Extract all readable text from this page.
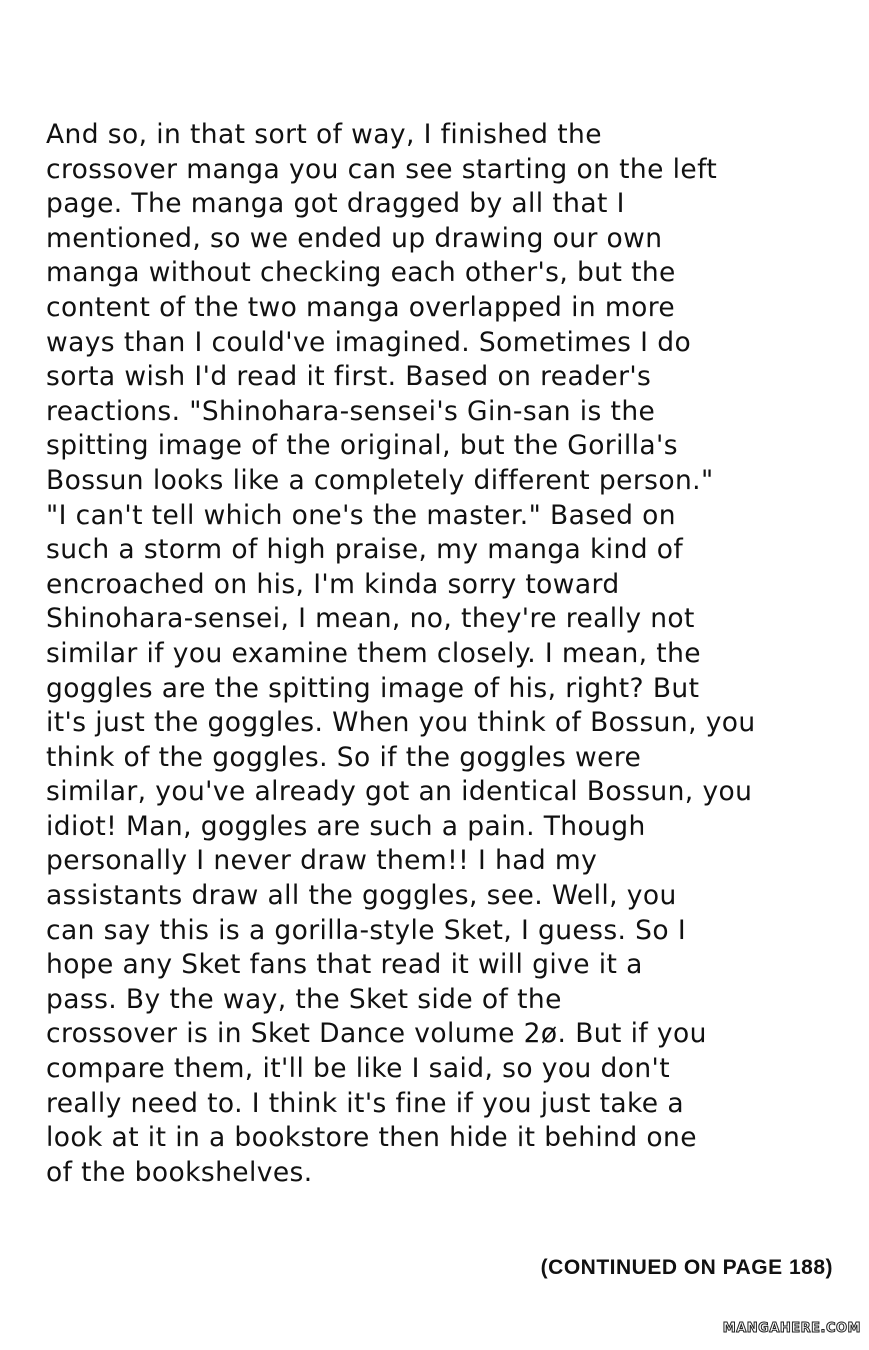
And so, in that sort of way, I finished the
crossover manga you can see starting on the left
page. The manga got dragged by all that I
mentioned, so we ended up drawing our own
manga without checking each other's, but the
content of the two manga overlapped in more
ways than I could've imagined. Sometimes I do
sorta wish I'd read it first. Based on reader's
reactions. "Shinohara-sensei's Gin-san is the
spitting image of the original, but the Gorilla's
Bossun looks like a completely different person."
"I can't tell which one's the master." Based on
such a storm of high praise, my manga kind of
encroached on his, I'm kinda sorry toward
Shinohara-sensei, I mean, no, they're really not
similar if you examine them closely. I mean, the
goggles are the spitting image of his, right? But
it's just the goggles. When you think of Bossun, you
think of the goggles. So if the goggles were
similar, you've already got an identical Bossun, you
idiot! Man, goggles are such a pain. Though
personally I never draw them!! I had my
assistants draw all the goggles, see. Well, you
can say this is a gorilla-style Sket, I guess. So I
hope any Sket fans that read it will give it a
pass. By the way, the Sket side of the
crossover is in Sket Dance volume 2ø. But if you
compare them, it'll be like I said, so you don't
really need to. I think it's fine if you just take a
look at it in a bookstore then hide it behind one
of the bookshelves.
(CONTINUED ON PAGE 188)
MANGAHERE.COM
